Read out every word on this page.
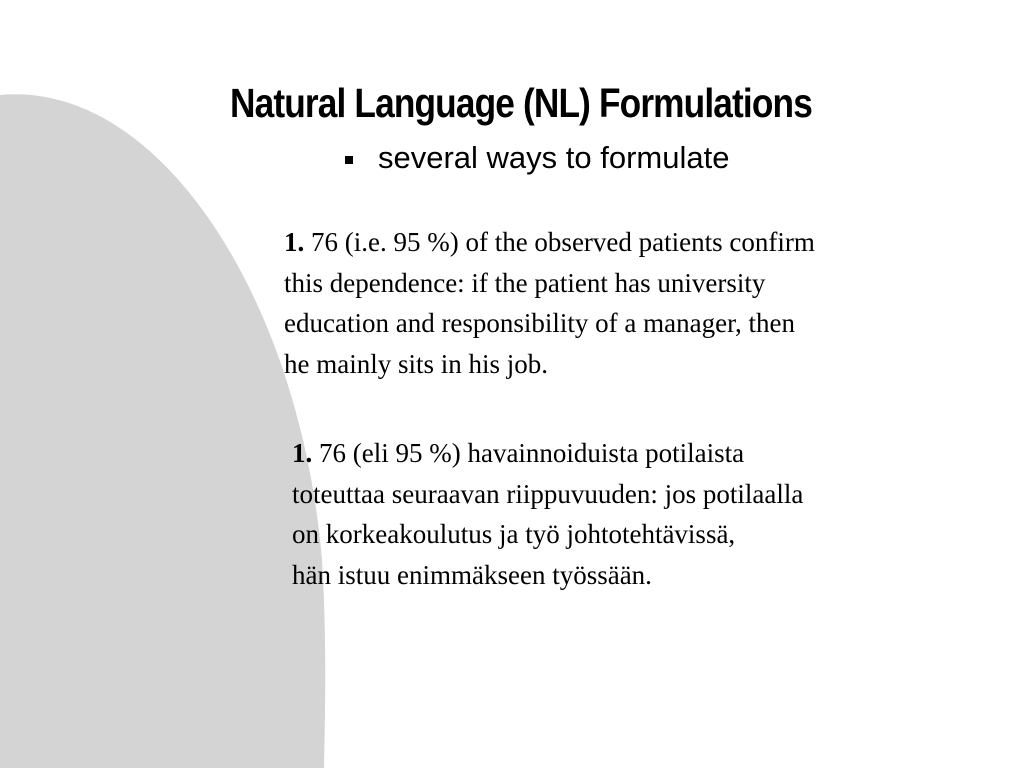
Natural Language (NL) Formulations
several ways to formulate
1. 76 (i.e. 95 %) of the observed patients confirm
this dependence: if the patient has university
education and responsibility of a manager, then
he mainly sits in his job.
1. 76 (eli 95 %) havainnoiduista potilaista
toteuttaa seuraavan riippuvuuden: jos potilaalla
on korkeakoulutus ja työ johtotehtävissä,
hän istuu enimmäkseen työssään.
